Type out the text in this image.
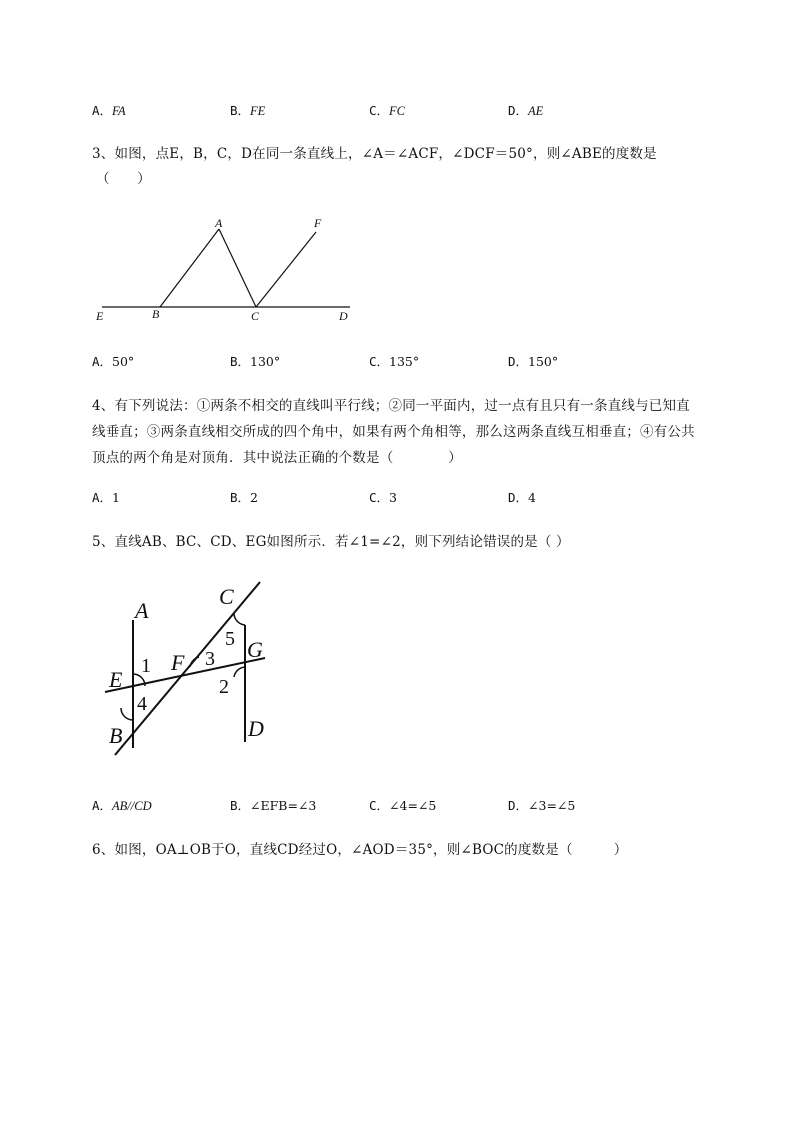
A．FA	B．FE	C．FC	D．AE
3、如图，点E，B，C，D在同一条直线上，∠A＝∠ACF，∠DCF＝50°，则∠ABE的度数是
（　　）
A	F
E	B	C	D
A．50°	B．130°	C．135°	D．150°
4、有下列说法：①两条不相交的直线叫平行线；②同一平面内，过一点有且只有一条直线与已知直
线垂直；③两条直线相交所成的四个角中，如果有两个角相等，那么这两条直线互相垂直；④有公共
顶点的两个角是对顶角．其中说法正确的个数是（　　　　）
A．1	B．2	C．3	D．4
5、直线AB、BC、CD、EG如图所示．若∠1=∠2，则下列结论错误的是（ ）
A
C
5 G
E
1 F 3
2
4
B	D
A．AB//CD	B．∠EFB=∠3	C．∠4=∠5	D．∠3=∠5
6、如图，OA⊥OB于O，直线CD经过O，∠AOD＝35°，则∠BOC的度数是（　　　）
